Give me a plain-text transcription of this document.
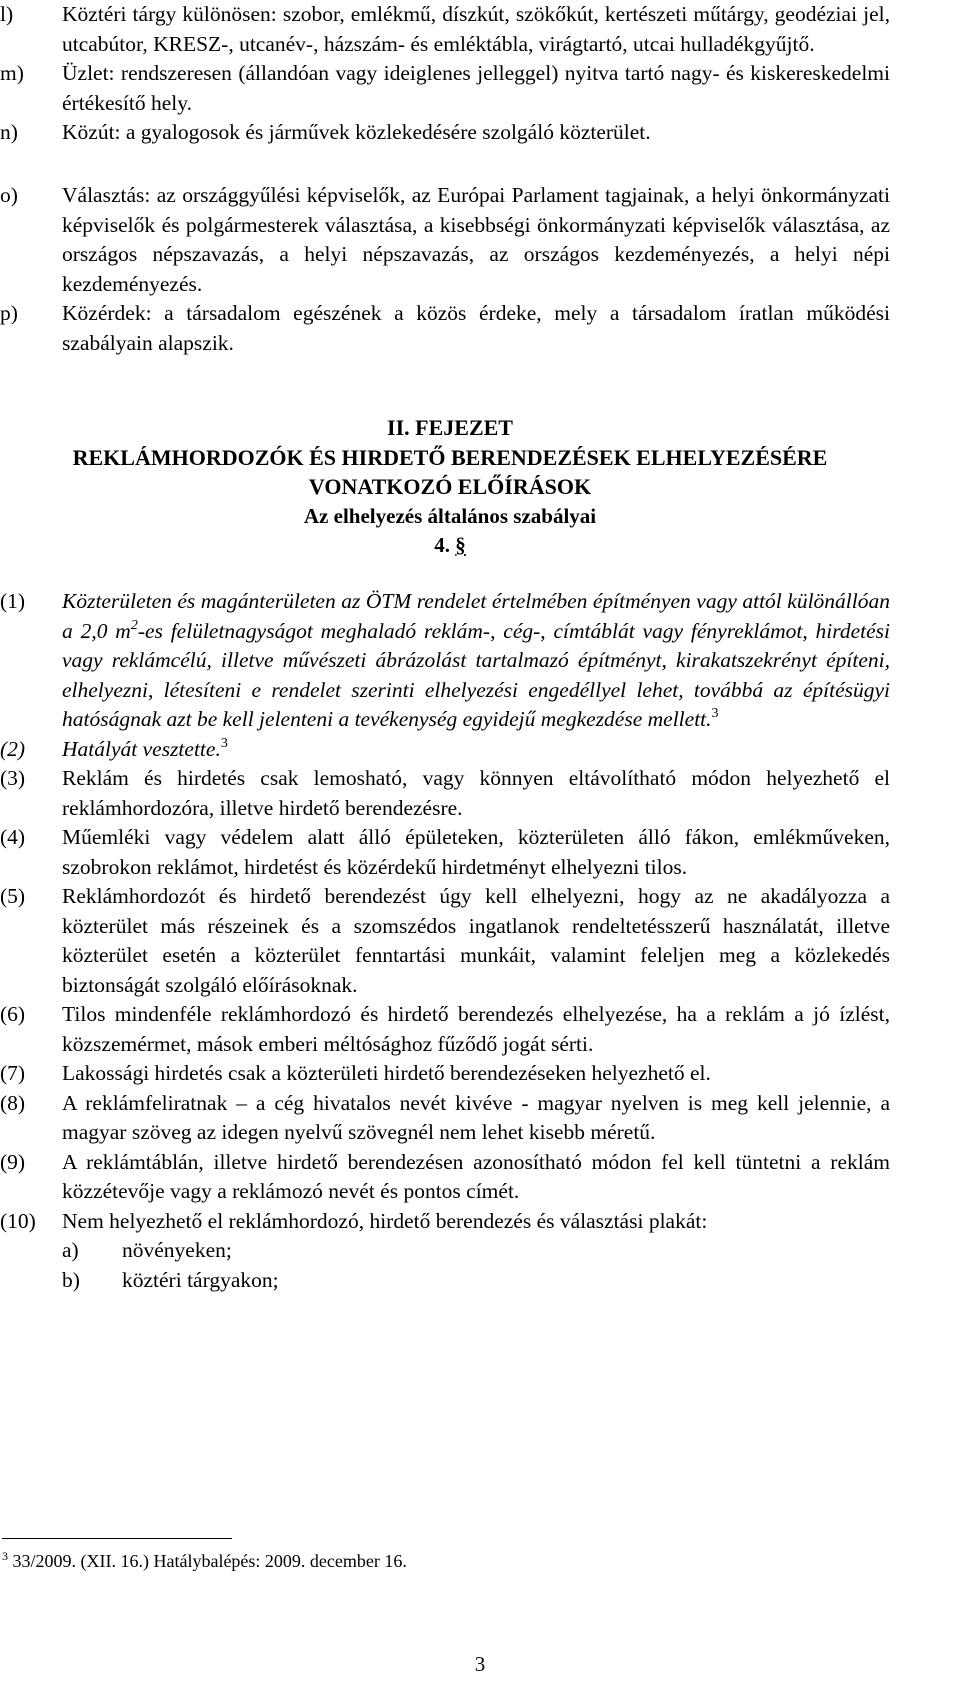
l)	Köztéri tárgy különösen: szobor, emlékmű, díszkút, szökőkút, kertészeti műtárgy, geodéziai jel, utcabútor, KRESZ-, utcanév-, házszám- és emléktábla, virágtartó, utcai hulladékgyűjtő.
m)	Üzlet: rendszeresen (állandóan vagy ideiglenes jelleggel) nyitva tartó nagy- és kiskereskedelmi értékesítő hely.
n)	Közút: a gyalogosok és járművek közlekedésére szolgáló közterület.
o)	Választás: az országgyűlési képviselők, az Európai Parlament tagjainak, a helyi önkormányzati képviselők és polgármesterek választása, a kisebbségi önkormányzati képviselők választása, az országos népszavazás, a helyi népszavazás, az országos kezdeményezés, a helyi népi kezdeményezés.
p)	Közérdek: a társadalom egészének a közös érdeke, mely a társadalom íratlan működési szabályain alapszik.
II. FEJEZET
REKLÁMHORDOZÓK ÉS HIRDETŐ BERENDEZÉSEK ELHELYEZÉSÉRE
VONATKOZÓ ELŐÍRÁSOK
Az elhelyezés általános szabályai
4. §
(1)	Közterületen és magánterületen az ÖTM rendelet értelmében építményen vagy attól különállóan a 2,0 $m^2-es$ felületnagyságot meghaladó reklám-, cég-, címtáblát vagy fényreklámot, hirdetési vagy reklámcélú, illetve művészeti ábrázolást tartalmazó építményt, kirakatszekrényt építeni, elhelyezni, létesíteni e rendelet szerinti elhelyezési engedéllyel lehet, továbbá az építésügyi hatóságnak azt be kell jelenteni a tevékenység egyidejű megkezdése mellett.$^3$
(2)	Hatályát vesztette.$^3$
(3)	Reklám és hirdetés csak lemosható, vagy könnyen eltávolítható módon helyezhető el reklámhordozóra, illetve hirdető berendezésre.
(4)	Műemléki vagy védelem alatt álló épületeken, közterületen álló fákon, emlékműveken, szobrokon reklámot, hirdetést és közérdekű hirdetményt elhelyezni tilos.
(5)	Reklámhordozót és hirdető berendezést úgy kell elhelyezni, hogy az ne akadályozza a közterület más részeinek és a szomszédos ingatlanok rendeltetésszerű használatát, illetve közterület esetén a közterület fenntartási munkáit, valamint feleljen meg a közlekedés biztonságát szolgáló előírásoknak.
(6)	Tilos mindenféle reklámhordozó és hirdető berendezés elhelyezése, ha a reklám a jó ízlést, közszemérmet, mások emberi méltósághoz fűződő jogát sérti.
(7)	Lakossági hirdetés csak a közterületi hirdető berendezéseken helyezhető el.
(8)	A reklámfeliratnak – a cég hivatalos nevét kivéve - magyar nyelven is meg kell jelennie, a magyar szöveg az idegen nyelvű szövegnél nem lehet kisebb méretű.
(9)	A reklámtáblán, illetve hirdető berendezésen azonosítható módon fel kell tüntetni a reklám közzétevője vagy a reklámozó nevét és pontos címét.
(10)	Nem helyezhető el reklámhordozó, hirdető berendezés és választási plakát:
a)	növényeken;
b)	köztéri tárgyakon;
$^3$ 33/2009. (XII. 16.) Hatálybalépés: 2009. december 16.
3
